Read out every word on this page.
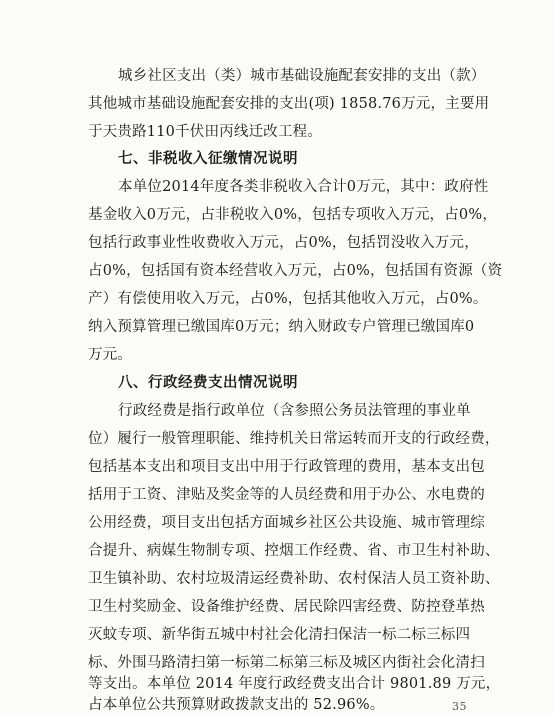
城乡社区支出（类）城市基础设施配套安排的支出（款）
其他城市基础设施配套安排的支出(项) 1858.76万元，主要用
于天贵路110千伏田丙线迁改工程。
七、非税收入征缴情况说明
本单位2014年度各类非税收入合计0万元，其中：政府性
基金收入0万元，占非税收入0%，包括专项收入万元，占0%，
包括行政事业性收费收入万元，占0%，包括罚没收入万元，
占0%，包括国有资本经营收入万元，占0%，包括国有资源（资
产）有偿使用收入万元，占0%，包括其他收入万元，占0%。
纳入预算管理已缴国库0万元；纳入财政专户管理已缴国库0
万元。
八、行政经费支出情况说明
行政经费是指行政单位（含参照公务员法管理的事业单
位）履行一般管理职能、维持机关日常运转而开支的行政经费，
包括基本支出和项目支出中用于行政管理的费用，基本支出包
括用于工资、津贴及奖金等的人员经费和用于办公、水电费的
公用经费，项目支出包括方面城乡社区公共设施、城市管理综
合提升、病媒生物制专项、控烟工作经费、省、市卫生村补助、
卫生镇补助、农村垃圾清运经费补助、农村保洁人员工资补助、
卫生村奖励金、设备维护经费、居民除四害经费、防控登革热
灭蚊专项、新华街五城中村社会化清扫保洁一标二标三标四
标、外围马路清扫第一标第二标第三标及城区内街社会化清扫
等支出。本单位 2014 年度行政经费支出合计 9801.89 万元，
占本单位公共预算财政拨款支出的 52.96%。	35
